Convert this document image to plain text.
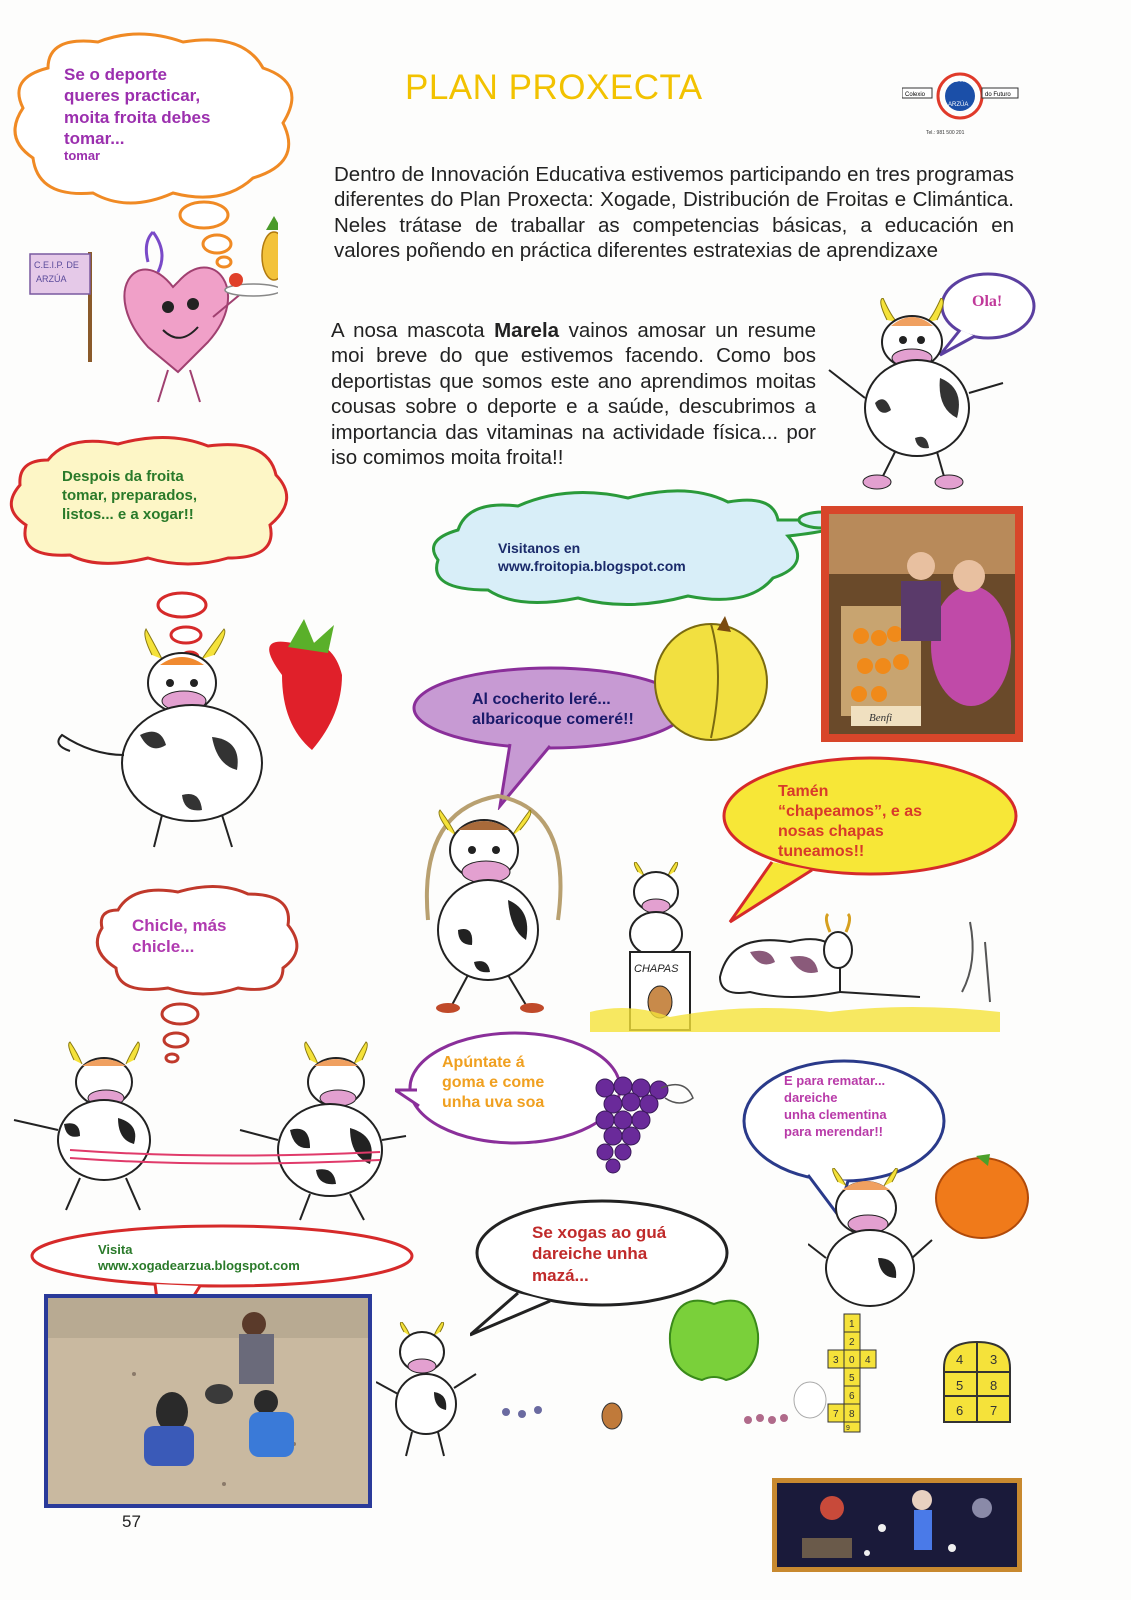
PLAN PROXECTA	Colexio	do Futuro
C.E.I.P.
ARZÚA
Tel.: 981 500 201
Dentro de Innovación Educativa estivemos participando en tres programas diferentes do Plan Proxecta: Xogade, Distribución de Froitas e Climántica. Neles trátase de traballar as competencias básicas, a educación en valores poñendo en práctica diferentes estratexias de aprendizaxe
A nosa mascota Marela vainos amosar un resume moi breve do que estivemos facendo. Como bos deportistas que somos este ano aprendimos moitas cousas sobre o deporte e a saúde, descubrimos a importancia das vitaminas na actividade física... por iso comimos moita froita!!
Se o deporte
queres practicar,
moita froita debes
tomar...
tomar
C.E.I.P. DE
ARZÚA
Ola!
Despois da froita
tomar, preparados,
listos... e a xogar!!
Visitanos en
www.froitopia.blogspot.com
Benfi
Al cocherito leré...
albaricoque comeré!!
Tamén
“chapeamos”, e as
nosas chapas
tuneamos!!
CHAPAS
Chicle, más
chicle...
Apúntate á
goma e come
unha uva soa
E para rematar...
dareiche
unha clementina
para merendar!!
1
2
3 0 4
5
6
7 8
9
4 3
5 8
6 7
Visita
www.xogadearzua.blogspot.com
Se xogas ao guá
dareiche unha
mazá...
57
